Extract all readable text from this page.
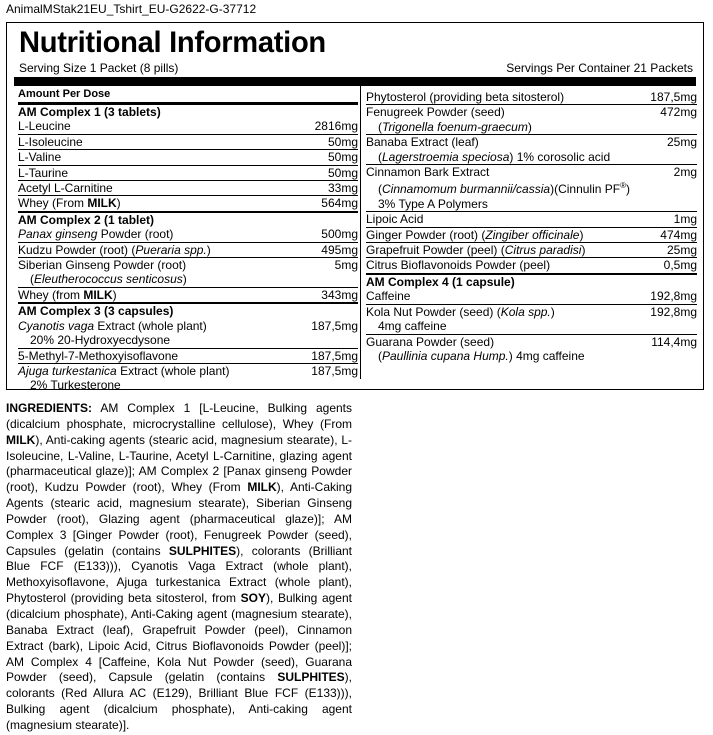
AnimalMStak21EU_Tshirt_EU-G2622-G-37712
Nutritional Information
Serving Size 1 Packet (8 pills)	Servings Per Container 21 Packets
Amount Per Dose
AM Complex 1 (3 tablets)
L-Leucine	2816mg
L-Isoleucine	50mg
L-Valine	50mg
L-Taurine	50mg
Acetyl L-Carnitine	33mg
Whey (From MILK)	564mg
AM Complex 2 (1 tablet)
Panax ginseng Powder (root)	500mg
Kudzu Powder (root) (Pueraria spp.)	495mg
Siberian Ginseng Powder (root)	5mg
(Eleutherococcus senticosus)
Whey (from MILK)	343mg
AM Complex 3 (3 capsules)
Cyanotis vaga Extract (whole plant)	187,5mg
20% 20-Hydroxyecdysone
5-Methyl-7-Methoxyisoflavone	187,5mg
Ajuga turkestanica Extract (whole plant)	187,5mg
2% Turkesterone
Phytosterol (providing beta sitosterol)	187,5mg
Fenugreek Powder (seed)	472mg
(Trigonella foenum-graecum)
Banaba Extract (leaf)	25mg
(Lagerstroemia speciosa) 1% corosolic acid
Cinnamon Bark Extract	2mg
(Cinnamomum burmannii/cassia)(Cinnulin PF®)
3% Type A Polymers
Lipoic Acid	1mg
Ginger Powder (root) (Zingiber officinale)	474mg
Grapefruit Powder (peel) (Citrus paradisi)	25mg
Citrus Bioflavonoids Powder (peel)	0,5mg
AM Complex 4 (1 capsule)
Caffeine	192,8mg
Kola Nut Powder (seed) (Kola spp.)	192,8mg
4mg caffeine
Guarana Powder (seed)	114,4mg
(Paullinia cupana Hump.) 4mg caffeine
INGREDIENTS: AM Complex 1 [L-Leucine, Bulking agents (dicalcium phosphate, microcrystalline cellulose), Whey (From MILK), Anti-caking agents (stearic acid, magnesium stearate), L-Isoleucine, L-Valine, L-Taurine, Acetyl L-Carnitine, glazing agent (pharmaceutical glaze)]; AM Complex 2 [Panax ginseng Powder (root), Kudzu Powder (root), Whey (From MILK), Anti-Caking Agents (stearic acid, magnesium stearate), Siberian Ginseng Powder (root), Glazing agent (pharmaceutical glaze)]; AM Complex 3 [Ginger Powder (root), Fenugreek Powder (seed), Capsules (gelatin (contains SULPHITES), colorants (Brilliant Blue FCF (E133))), Cyanotis Vaga Extract (whole plant), Methoxyisoflavone, Ajuga turkestanica Extract (whole plant), Phytosterol (providing beta sitosterol, from SOY), Bulking agent (dicalcium phosphate), Anti-Caking agent (magnesium stearate), Banaba Extract (leaf), Grapefruit Powder (peel), Cinnamon Extract (bark), Lipoic Acid, Citrus Bioflavonoids Powder (peel)]; AM Complex 4 [Caffeine, Kola Nut Powder (seed), Guarana Powder (seed), Capsule (gelatin (contains SULPHITES), colorants (Red Allura AC (E129), Brilliant Blue FCF (E133))), Bulking agent (dicalcium phosphate), Anti-caking agent (magnesium stearate)].
